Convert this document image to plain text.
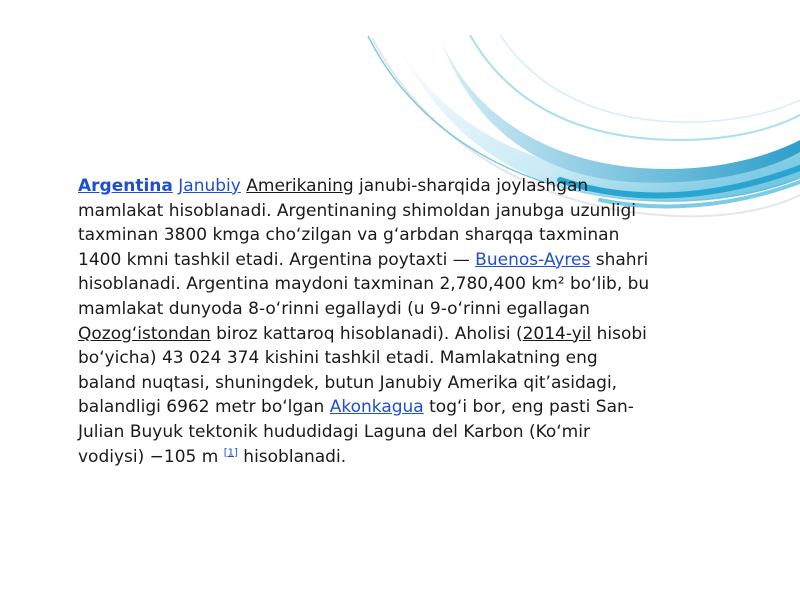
Argentina Janubiy Amerikaning janubi-sharqida joylashgan mamlakat hisoblanadi. Argentinaning shimoldan janubga uzunligi taxminan 3800 kmga cho‘zilgan va g‘arbdan sharqqa taxminan 1400 kmni tashkil etadi. Argentina poytaxti — Buenos-Ayres shahri hisoblanadi. Argentina maydoni taxminan 2,780,400 km² bo‘lib, bu mamlakat dunyoda 8-o‘rinni egallaydi (u 9-o‘rinni egallagan Qozog‘istondan biroz kattaroq hisoblanadi). Aholisi (2014-yil hisobi bo‘yicha) 43 024 374 kishini tashkil etadi. Mamlakatning eng baland nuqtasi, shuningdek, butun Janubiy Amerika qit’asidagi, balandligi 6962 metr bo‘lgan Akonkagua tog‘i bor, eng pasti San-Julian Buyuk tektonik hududidagi Laguna del Karbon (Ko‘mir vodiysi) −105 m [1] hisoblanadi.
